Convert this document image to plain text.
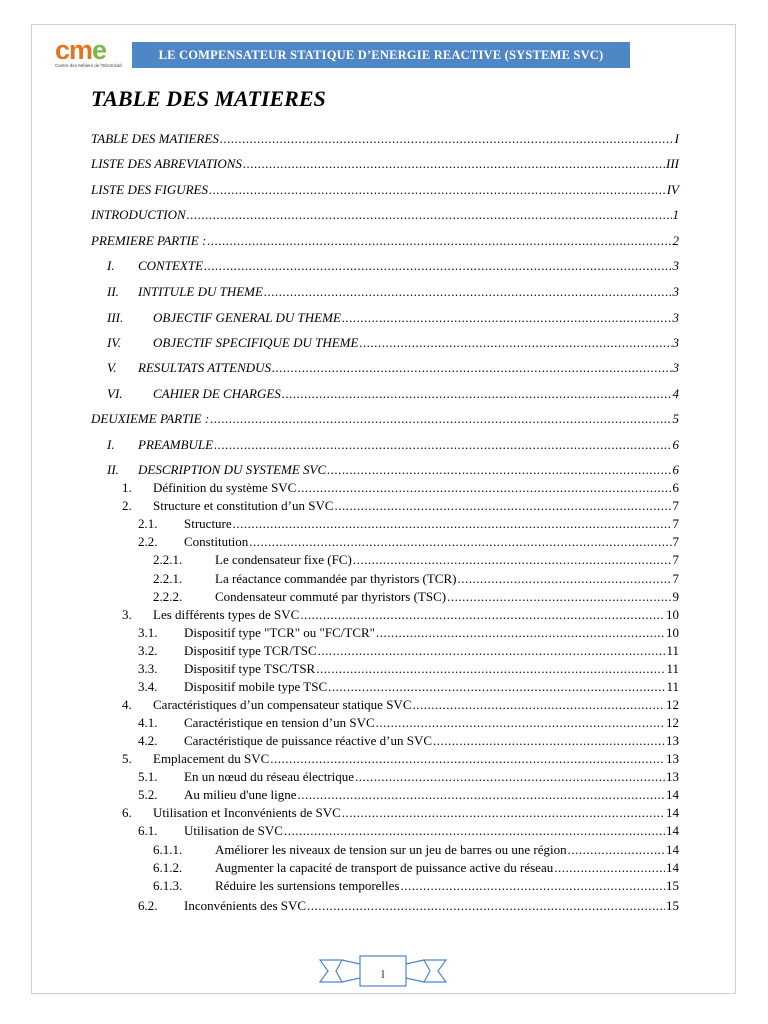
cme
Centre des Métiers de l'Electricité
LE COMPENSATEUR STATIQUE D’ENERGIE REACTIVE (SYSTEME SVC)
TABLE DES MATIERES
TABLE DES MATIERES .....	I
LISTE DES ABREVIATIONS .....	III
LISTE DES FIGURES .....	IV
INTRODUCTION .....	1
PREMIERE PARTIE : .....	2
I.	CONTEXTE .....	3
II.	INTITULE DU THEME .....	3
III.	OBJECTIF GENERAL DU THEME .....	3
IV.	OBJECTIF SPECIFIQUE DU THEME .....	3
V.	RESULTATS ATTENDUS .....	3
VI.	CAHIER DE CHARGES .....	4
DEUXIEME PARTIE : .....	5
I.	PREAMBULE .....	6
II.	DESCRIPTION DU SYSTEME SVC .....	6
1.	Définition du système SVC .....	6
2.	Structure et constitution d’un SVC .....	7
2.1.	Structure .....	7
2.2.	Constitution .....	7
2.2.1.	Le condensateur fixe (FC) .....	7
2.2.1.	La réactance commandée par thyristors (TCR) .....	7
2.2.2.	Condensateur commuté par thyristors (TSC) .....	9
3.	Les différents types de SVC .....	10
3.1.	Dispositif type "TCR" ou "FC/TCR" .....	10
3.2.	Dispositif type TCR/TSC .....	11
3.3.	Dispositif type TSC/TSR .....	11
3.4.	Dispositif mobile type TSC .....	11
4.	Caractéristiques d’un compensateur statique SVC .....	12
4.1.	Caractéristique en tension d’un SVC .....	12
4.2.	Caractéristique de puissance réactive d’un SVC .....	13
5.	Emplacement du SVC .....	13
5.1.	En un nœud du réseau électrique .....	13
5.2.	Au milieu d'une ligne .....	14
6.	Utilisation et Inconvénients de SVC .....	14
6.1.	Utilisation de SVC .....	14
6.1.1.	Améliorer les niveaux de tension sur un jeu de barres ou une région .....	14
6.1.2.	Augmenter la capacité de transport de puissance active du réseau .....	14
6.1.3.	Réduire les surtensions temporelles .....	15
6.2.	Inconvénients des SVC .....	15
I
